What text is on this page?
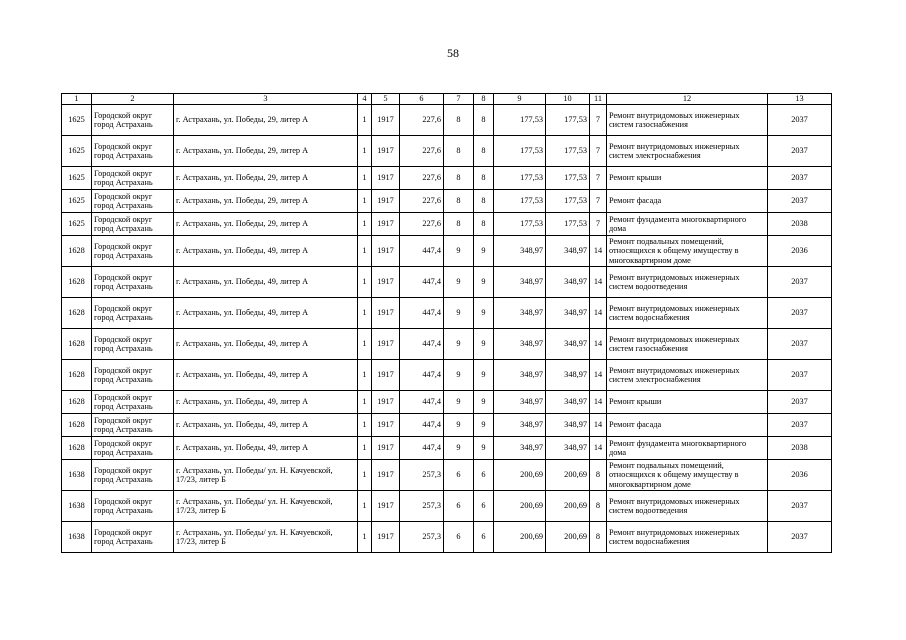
58
1	2	3	4	5	6	7	8	9	10	11	12	13
1625	Городской округ город Астрахань	г. Астрахань, ул. Победы, 29, литер А	1	1917	227,6	8	8	177,53	177,53	7	Ремонт внутридомовых инженерных систем газоснабжения	2037
1625	Городской округ город Астрахань	г. Астрахань, ул. Победы, 29, литер А	1	1917	227,6	8	8	177,53	177,53	7	Ремонт внутридомовых инженерных систем электроснабжения	2037
1625	Городской округ город Астрахань	г. Астрахань, ул. Победы, 29, литер А	1	1917	227,6	8	8	177,53	177,53	7	Ремонт крыши	2037
1625	Городской округ город Астрахань	г. Астрахань, ул. Победы, 29, литер А	1	1917	227,6	8	8	177,53	177,53	7	Ремонт фасада	2037
1625	Городской округ город Астрахань	г. Астрахань, ул. Победы, 29, литер А	1	1917	227,6	8	8	177,53	177,53	7	Ремонт фундамента многоквартирного дома	2038
1628	Городской округ город Астрахань	г. Астрахань, ул. Победы, 49, литер А	1	1917	447,4	9	9	348,97	348,97	14	Ремонт подвальных помещений, относящихся к общему имуществу в многоквартирном доме	2036
1628	Городской округ город Астрахань	г. Астрахань, ул. Победы, 49, литер А	1	1917	447,4	9	9	348,97	348,97	14	Ремонт внутридомовых инженерных систем водоотведения	2037
1628	Городской округ город Астрахань	г. Астрахань, ул. Победы, 49, литер А	1	1917	447,4	9	9	348,97	348,97	14	Ремонт внутридомовых инженерных систем водоснабжения	2037
1628	Городской округ город Астрахань	г. Астрахань, ул. Победы, 49, литер А	1	1917	447,4	9	9	348,97	348,97	14	Ремонт внутридомовых инженерных систем газоснабжения	2037
1628	Городской округ город Астрахань	г. Астрахань, ул. Победы, 49, литер А	1	1917	447,4	9	9	348,97	348,97	14	Ремонт внутридомовых инженерных систем электроснабжения	2037
1628	Городской округ город Астрахань	г. Астрахань, ул. Победы, 49, литер А	1	1917	447,4	9	9	348,97	348,97	14	Ремонт крыши	2037
1628	Городской округ город Астрахань	г. Астрахань, ул. Победы, 49, литер А	1	1917	447,4	9	9	348,97	348,97	14	Ремонт фасада	2037
1628	Городской округ город Астрахань	г. Астрахань, ул. Победы, 49, литер А	1	1917	447,4	9	9	348,97	348,97	14	Ремонт фундамента многоквартирного дома	2038
1638	Городской округ город Астрахань	г. Астрахань, ул. Победы/ ул. Н. Качуевской, 17/23, литер Б	1	1917	257,3	6	6	200,69	200,69	8	Ремонт подвальных помещений, относящихся к общему имуществу в многоквартирном доме	2036
1638	Городской округ город Астрахань	г. Астрахань, ул. Победы/ ул. Н. Качуевской, 17/23, литер Б	1	1917	257,3	6	6	200,69	200,69	8	Ремонт внутридомовых инженерных систем водоотведения	2037
1638	Городской округ город Астрахань	г. Астрахань, ул. Победы/ ул. Н. Качуевской, 17/23, литер Б	1	1917	257,3	6	6	200,69	200,69	8	Ремонт внутридомовых инженерных систем водоснабжения	2037
